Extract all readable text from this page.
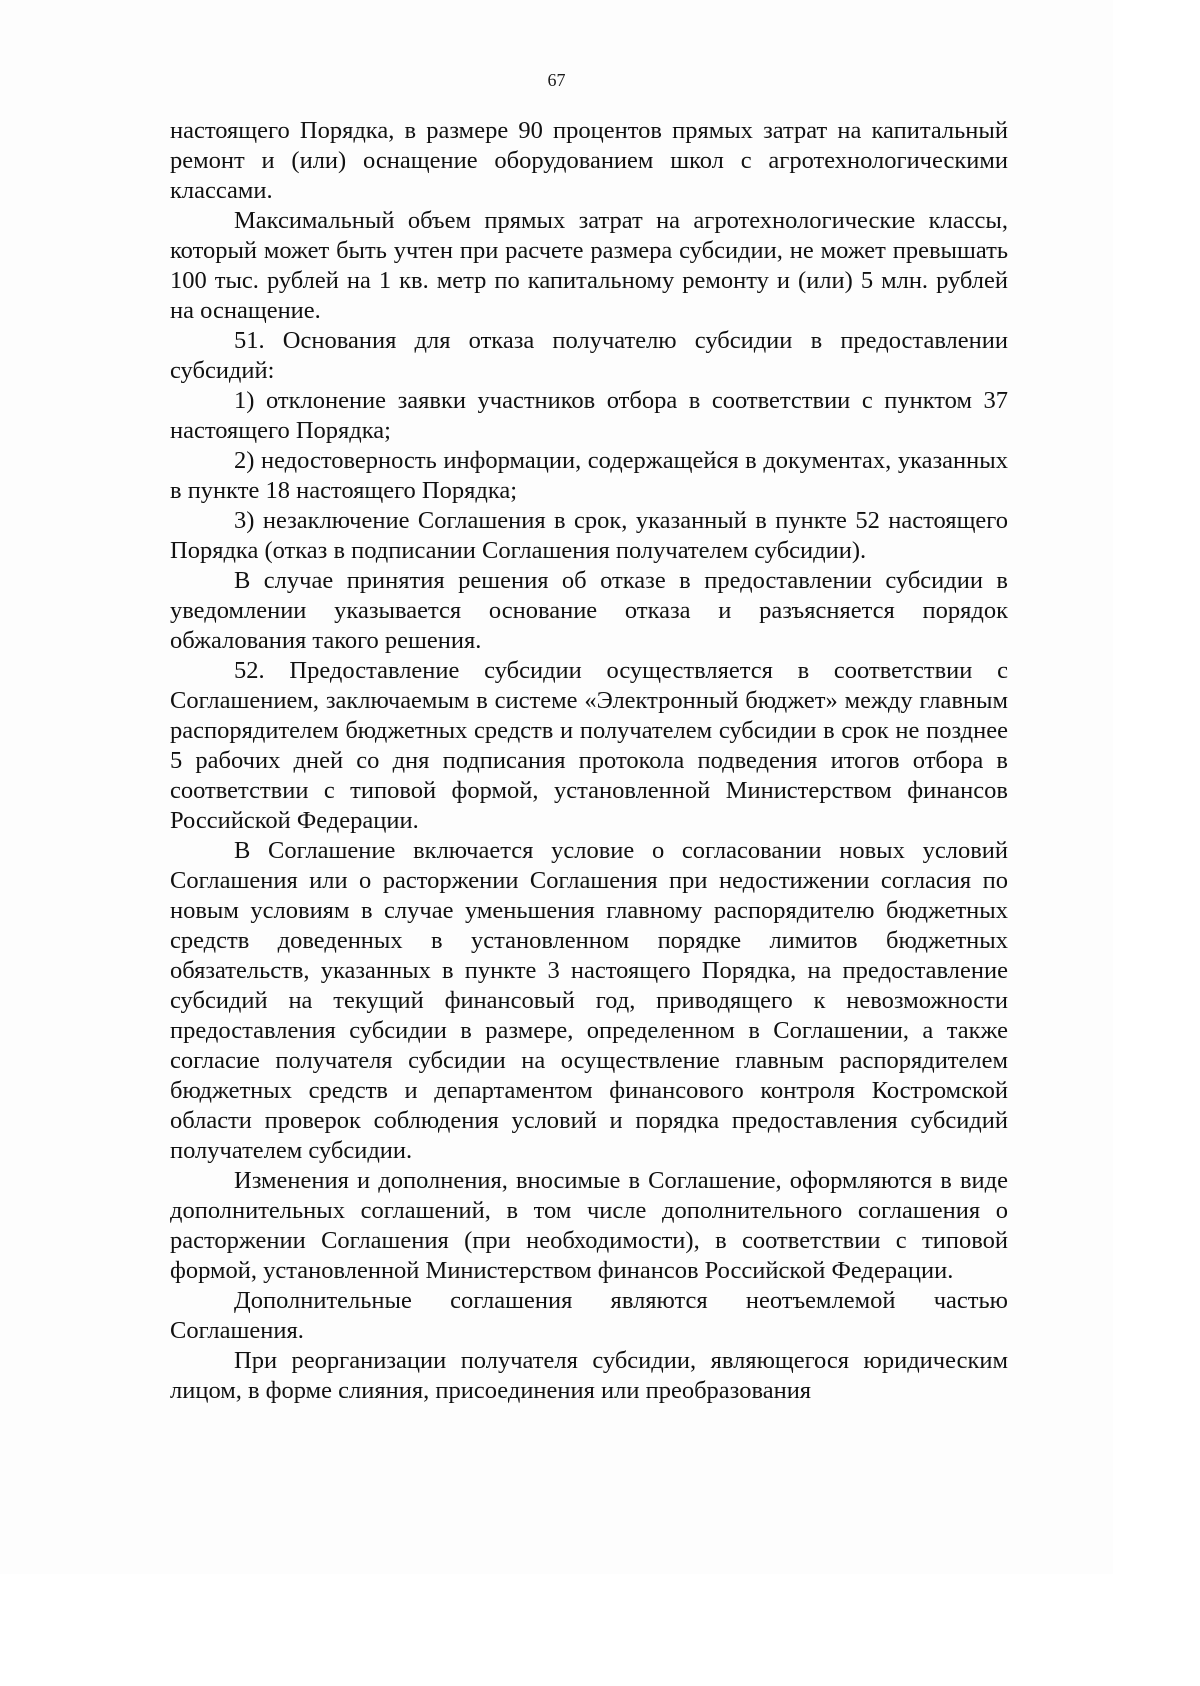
67

настоящего Порядка, в размере 90 процентов прямых затрат на капитальный ремонт и (или) оснащение оборудованием школ с агротехнологическими классами.

Максимальный объем прямых затрат на агротехнологические классы, который может быть учтен при расчете размера субсидии, не может превышать 100 тыс. рублей на 1 кв. метр по капитальному ремонту и (или) 5 млн. рублей на оснащение.

51. Основания для отказа получателю субсидии в предоставлении субсидий:

1) отклонение заявки участников отбора в соответствии с пунктом 37 настоящего Порядка;

2) недостоверность информации, содержащейся в документах, указанных в пункте 18 настоящего Порядка;

3) незаключение Соглашения в срок, указанный в пункте 52 настоящего Порядка (отказ в подписании Соглашения получателем субсидии).

В случае принятия решения об отказе в предоставлении субсидии в уведомлении указывается основание отказа и разъясняется порядок обжалования такого решения.

52. Предоставление субсидии осуществляется в соответствии с Соглашением, заключаемым в системе «Электронный бюджет» между главным распорядителем бюджетных средств и получателем субсидии в срок не позднее 5 рабочих дней со дня подписания протокола подведения итогов отбора в соответствии с типовой формой, установленной Министерством финансов Российской Федерации.

В Соглашение включается условие о согласовании новых условий Соглашения или о расторжении Соглашения при недостижении согласия по новым условиям в случае уменьшения главному распорядителю бюджетных средств доведенных в установленном порядке лимитов бюджетных обязательств, указанных в пункте 3 настоящего Порядка, на предоставление субсидий на текущий финансовый год, приводящего к невозможности предоставления субсидии в размере, определенном в Соглашении, а также согласие получателя субсидии на осуществление главным распорядителем бюджетных средств и департаментом финансового контроля Костромской области проверок соблюдения условий и порядка предоставления субсидий получателем субсидии.

Изменения и дополнения, вносимые в Соглашение, оформляются в виде дополнительных соглашений, в том числе дополнительного соглашения о расторжении Соглашения (при необходимости), в соответствии с типовой формой, установленной Министерством финансов Российской Федерации.

Дополнительные соглашения являются неотъемлемой частью Соглашения.

При реорганизации получателя субсидии, являющегося юридическим лицом, в форме слияния, присоединения или преобразования
